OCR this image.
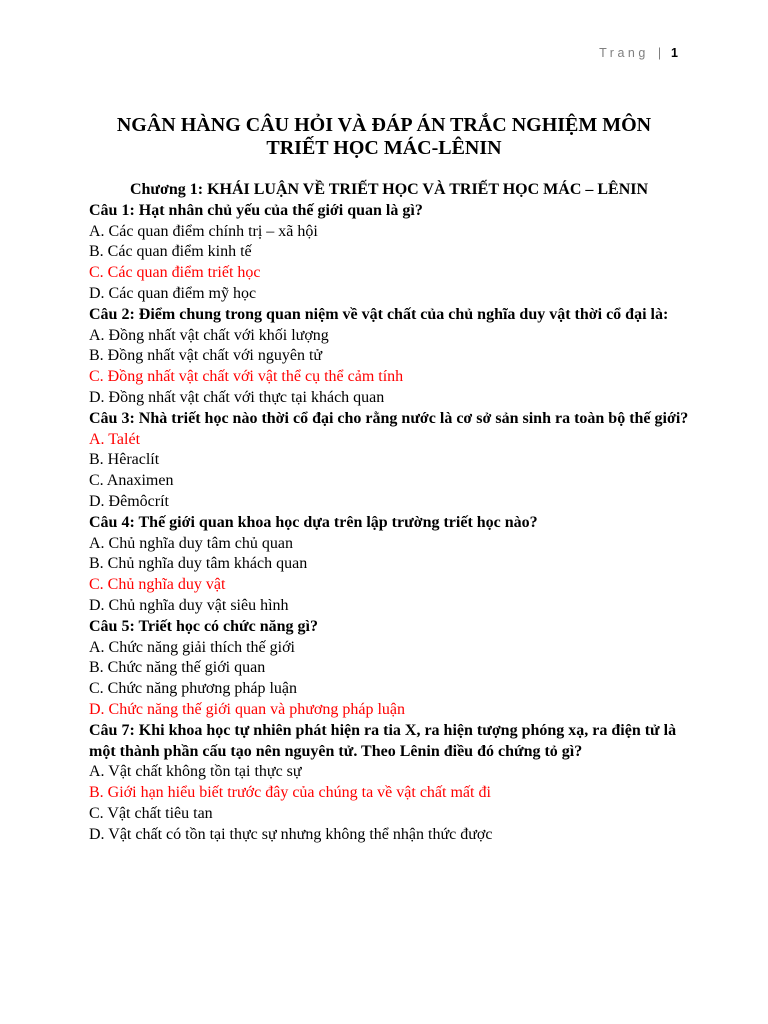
Trang | 1
NGÂN HÀNG CÂU HỎI VÀ ĐÁP ÁN TRẮC NGHIỆM MÔN
TRIẾT HỌC MÁC-LÊNIN
Chương 1: KHÁI LUẬN VỀ TRIẾT HỌC VÀ TRIẾT HỌC MÁC – LÊNIN
Câu 1: Hạt nhân chủ yếu của thế giới quan là gì?
A. Các quan điểm chính trị – xã hội
B. Các quan điểm kinh tế
C. Các quan điểm triết học
D. Các quan điểm mỹ học
Câu 2: Điểm chung trong quan niệm về vật chất của chủ nghĩa duy vật thời cổ đại là:
A. Đồng nhất vật chất với khối lượng
B. Đồng nhất vật chất với nguyên tử
C. Đồng nhất vật chất với vật thể cụ thể cảm tính
D. Đồng nhất vật chất với thực tại khách quan
Câu 3: Nhà triết học nào thời cổ đại cho rằng nước là cơ sở sản sinh ra toàn bộ thế giới?
A. Talét
B. Hêraclít
C. Anaximen
D. Đêmôcrít
Câu 4: Thế giới quan khoa học dựa trên lập trường triết học nào?
A. Chủ nghĩa duy tâm chủ quan
B. Chủ nghĩa duy tâm khách quan
C. Chủ nghĩa duy vật
D. Chủ nghĩa duy vật siêu hình
Câu 5: Triết học có chức năng gì?
A. Chức năng giải thích thế giới
B. Chức năng thế giới quan
C. Chức năng phương pháp luận
D. Chức năng thế giới quan và phương pháp luận
Câu 7: Khi khoa học tự nhiên phát hiện ra tia X, ra hiện tượng phóng xạ, ra điện tử là một thành phần cấu tạo nên nguyên tử. Theo Lênin điều đó chứng tỏ gì?
A. Vật chất không tồn tại thực sự
B. Giới hạn hiểu biết trước đây của chúng ta về vật chất mất đi
C. Vật chất tiêu tan
D. Vật chất có tồn tại thực sự nhưng không thể nhận thức được
